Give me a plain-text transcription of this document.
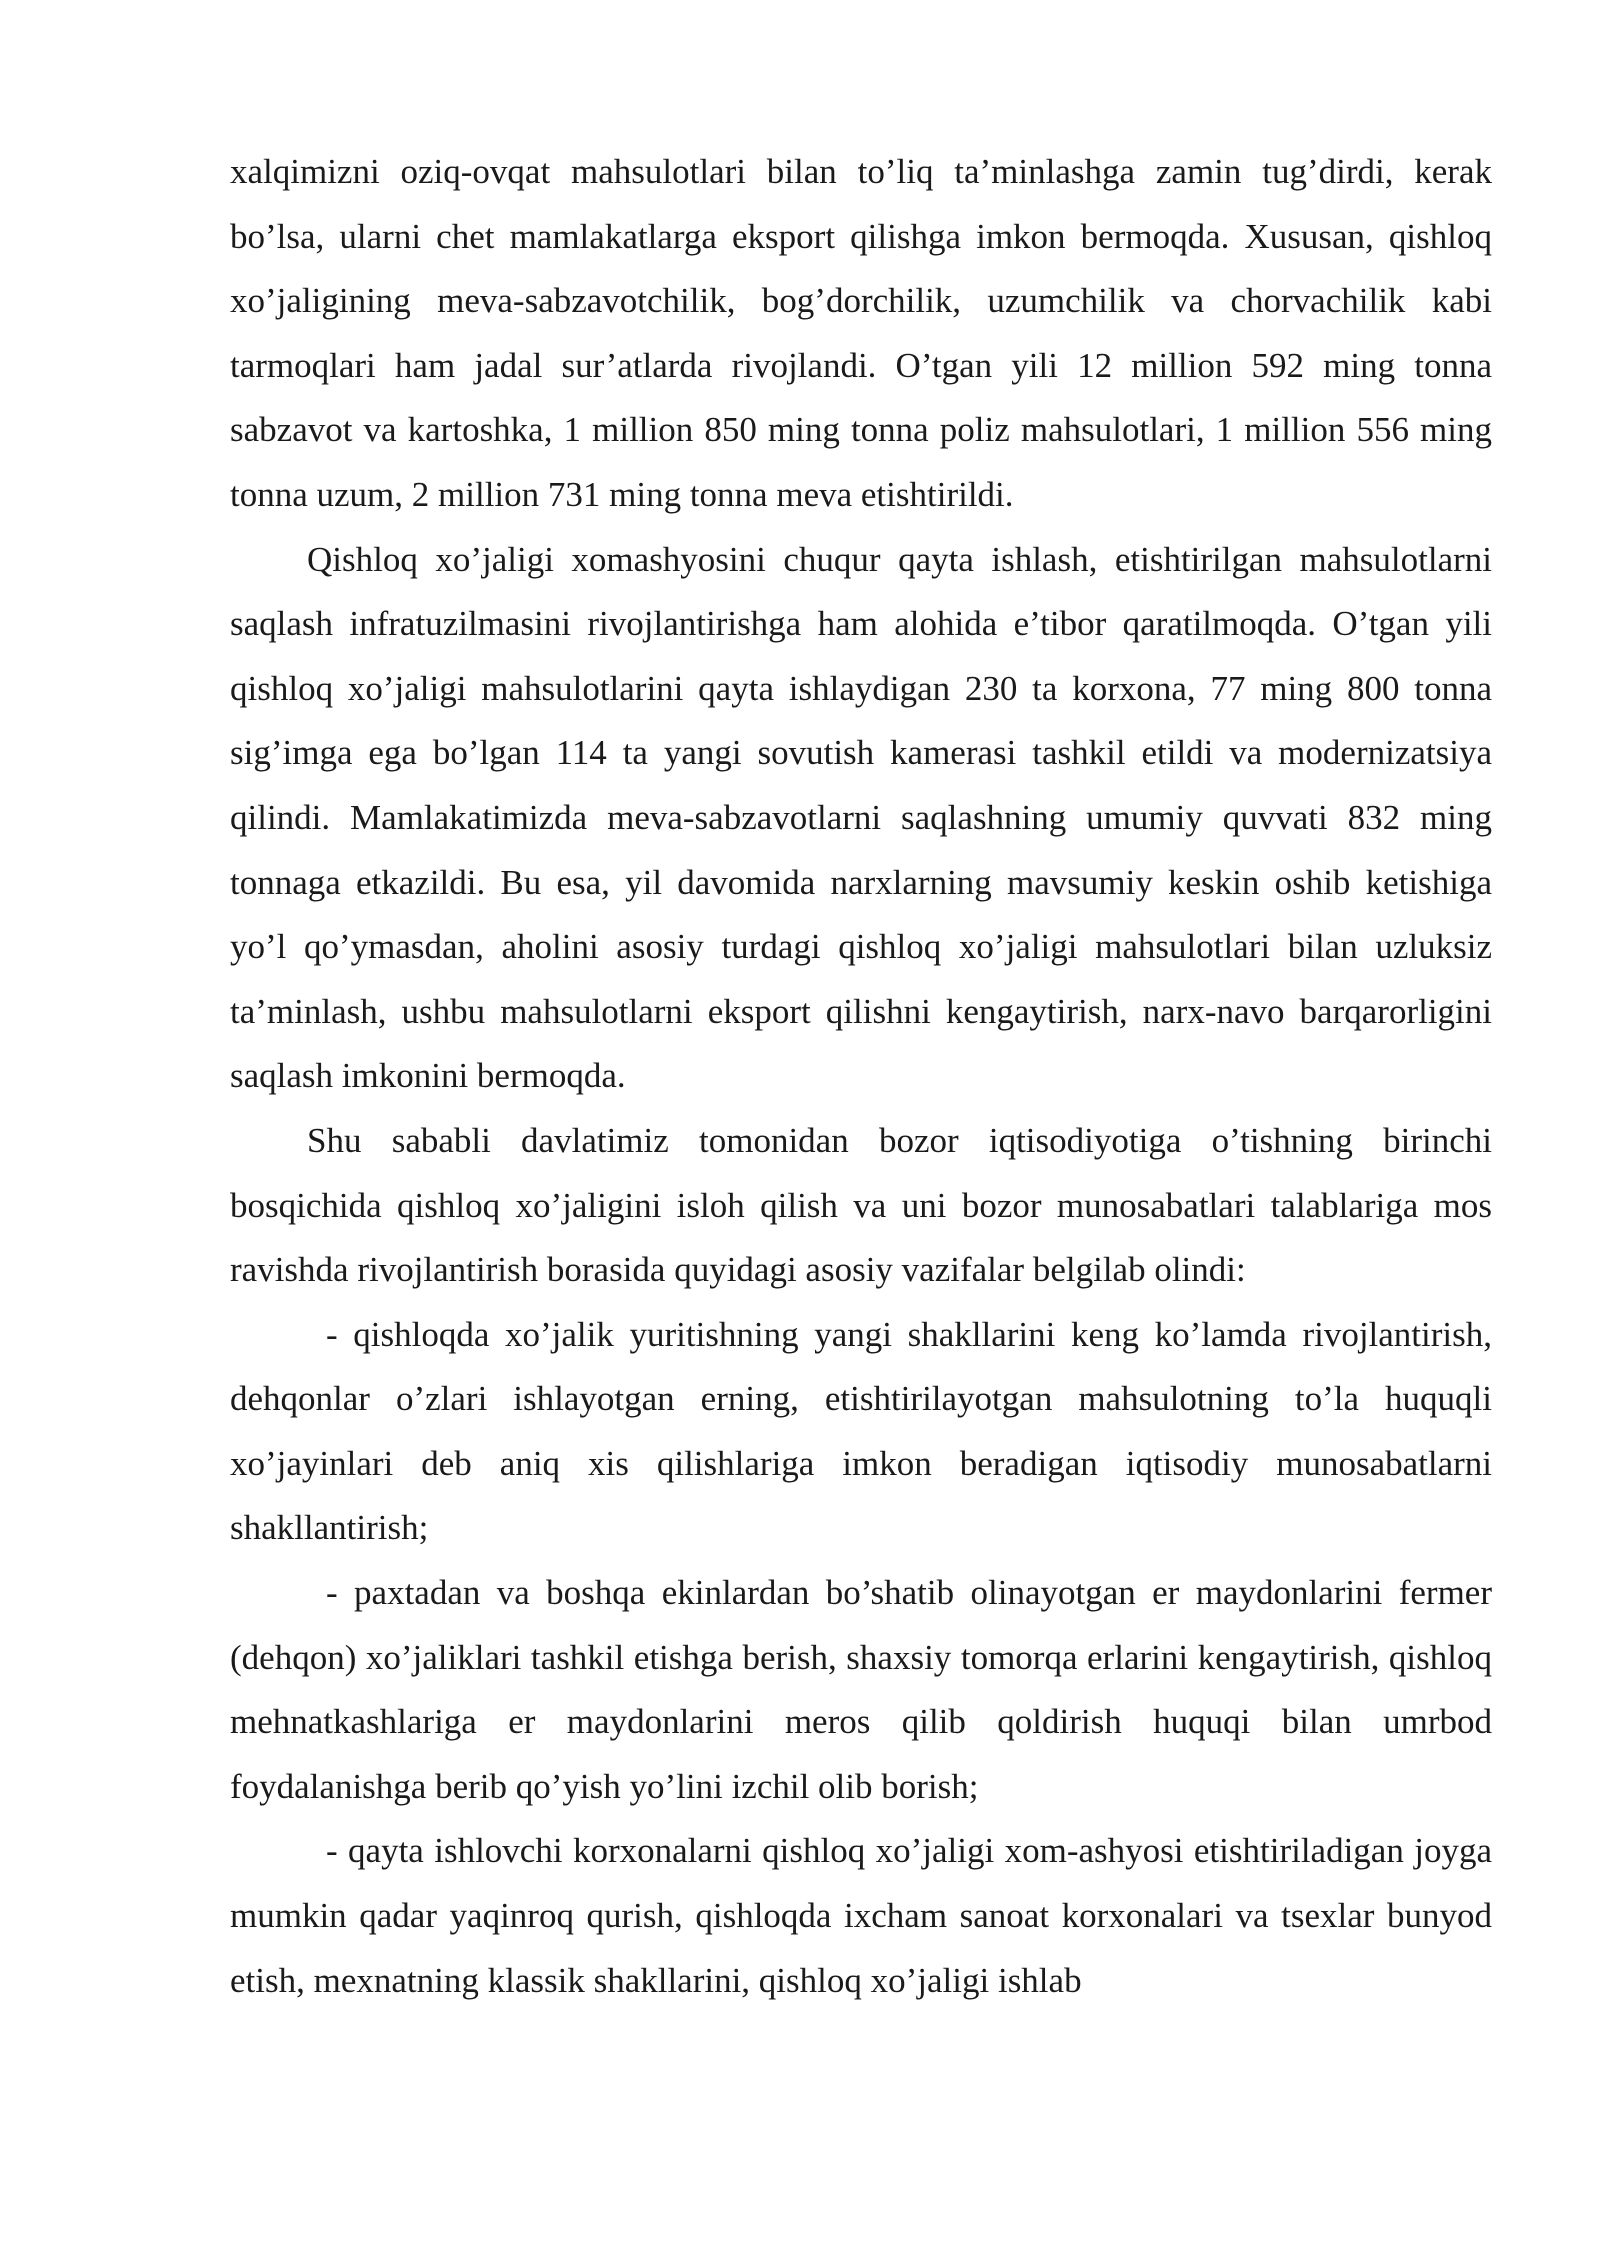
xalqimizni oziq-ovqat mahsulotlari bilan to’liq ta’minlashga zamin tug’dirdi, kerak bo’lsa, ularni chet mamlakatlarga eksport qilishga imkon bermoqda. Xususan, qishloq xo’jaligining meva-sabzavotchilik, bog’dorchilik, uzumchilik va chorvachilik kabi tarmoqlari ham jadal sur’atlarda rivojlandi. O’tgan yili 12 million 592 ming tonna sabzavot va kartoshka, 1 million 850 ming tonna poliz mahsulotlari, 1 million 556 ming tonna uzum, 2 million 731 ming tonna meva etishtirildi.

Qishloq xo’jaligi xomashyosini chuqur qayta ishlash, etishtirilgan mahsulotlarni saqlash infratuzilmasini rivojlantirishga ham alohida e’tibor qaratilmoqda. O’tgan yili qishloq xo’jaligi mahsulotlarini qayta ishlaydigan 230 ta korxona, 77 ming 800 tonna sig’imga ega bo’lgan 114 ta yangi sovutish kamerasi tashkil etildi va modernizatsiya qilindi. Mamlakatimizda meva-sabzavotlarni saqlashning umumiy quvvati 832 ming tonnaga etkazildi. Bu esa, yil davomida narxlarning mavsumiy keskin oshib ketishiga yo’l qo’ymasdan, aholini asosiy turdagi qishloq xo’jaligi mahsulotlari bilan uzluksiz ta’minlash, ushbu mahsulotlarni eksport qilishni kengaytirish, narx-navo barqarorligini saqlash imkonini bermoqda.

Shu sababli davlatimiz tomonidan bozor iqtisodiyotiga o’tishning birinchi bosqichida qishloq xo’jaligini isloh qilish va uni bozor munosabatlari talablariga mos ravishda rivojlantirish borasida quyidagi asosiy vazifalar belgilab olindi:

- qishloqda xo’jalik yuritishning yangi shakllarini keng ko’lamda rivojlantirish, dehqonlar o’zlari ishlayotgan erning, etishtirilayotgan mahsulotning to’la huquqli xo’jayinlari deb aniq xis qilishlariga imkon beradigan iqtisodiy munosabatlarni shakllantirish;

- paxtadan va boshqa ekinlardan bo’shatib olinayotgan er maydonlarini fermer (dehqon) xo’jaliklari tashkil etishga berish, shaxsiy tomorqa erlarini kengaytirish, qishloq mehnatkashlariga er maydonlarini meros qilib qoldirish huquqi bilan umrbod foydalanishga berib qo’yish yo’lini izchil olib borish;

- qayta ishlovchi korxonalarni qishloq xo’jaligi xom-ashyosi etishtiriladigan joyga mumkin qadar yaqinroq qurish, qishloqda ixcham sanoat korxonalari va tsexlar bunyod etish, mexnatning klassik shakllarini, qishloq xo’jaligi ishlab
